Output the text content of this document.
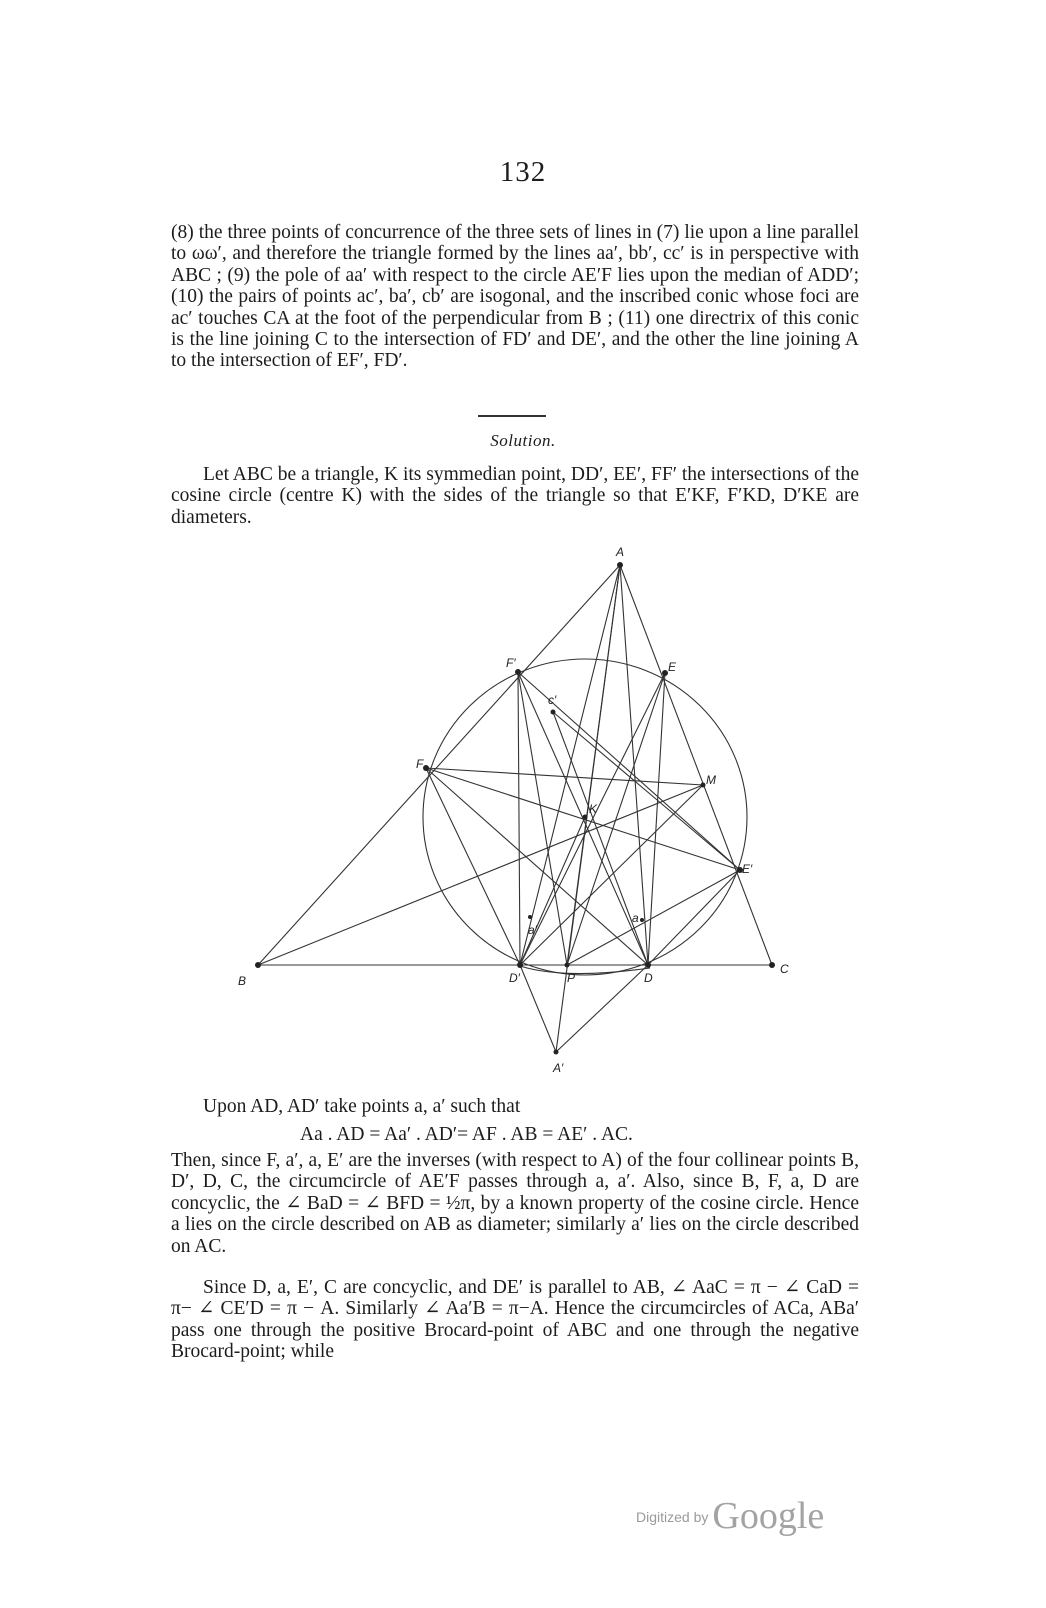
132
(8) the three points of concurrence of the three sets of lines in (7) lie upon a line parallel to ωω′, and therefore the triangle formed by the lines aa′, bb′, cc′ is in perspective with ABC ; (9) the pole of aa′ with respect to the circle AE′F lies upon the median of ADD′; (10) the pairs of points ac′, ba′, cb′ are isogonal, and the inscribed conic whose foci are ac′ touches CA at the foot of the perpendicular from B ; (11) one directrix of this conic is the line joining C to the intersection of FD′ and DE′, and the other the line joining A to the intersection of EF′, FD′.
Solution.
Let ABC be a triangle, K its symmedian point, DD′, EE′, FF′ the intersections of the cosine circle (centre K) with the sides of the triangle so that E′KF, F′KD, D′KE are diameters.
A
B
C
F′	E
F
E′
M
K
c′
D′	P	D
a
a′
A′
Upon AD, AD′ take points a, a′ such that
Aa . AD = Aa′ . AD′= AF . AB = AE′ . AC.
Then, since F, a′, a, E′ are the inverses (with respect to A) of the four collinear points B, D′, D, C, the circumcircle of AE′F passes through a, a′. Also, since B, F, a, D are concyclic, the ∠ BaD = ∠ BFD = ½π, by a known property of the cosine circle. Hence a lies on the circle described on AB as diameter; similarly a′ lies on the circle described on AC.
Since D, a, E′, C are concyclic, and DE′ is parallel to AB, ∠ AaC = π − ∠ CaD = π− ∠ CE′D = π − A. Similarly ∠ Aa′B = π−A. Hence the circumcircles of ACa, ABa′ pass one through the positive Brocard-point of ABC and one through the negative Brocard-point; while
Digitized by Google
